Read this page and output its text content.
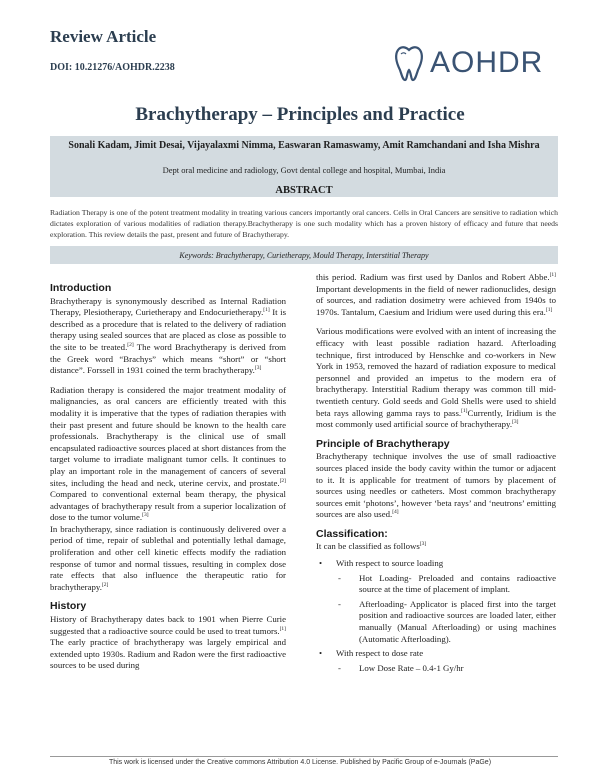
Review Article
DOI: 10.21276/AOHDR.2238	AOHDR
Brachytherapy – Principles and Practice
Sonali Kadam, Jimit Desai, Vijayalaxmi Nimma, Easwaran Ramaswamy, Amit Ramchandani and Isha Mishra
Dept oral medicine and radiology, Govt dental college and hospital, Mumbai, India
ABSTRACT
Radiation Therapy is one of the potent treatment modality in treating various cancers importantly oral cancers. Cells in Oral Cancers are sensitive to radiation which dictates exploration of various modalities of radiation therapy.Brachytherapy is one such modality which has a proven history of efficacy and future that needs exploration. This review details the past, present and future of Brachytherapy.
Keywords: Brachytherapy, Curietherapy, Mould Therapy, Interstitial Therapy
Introduction

Brachytherapy is synonymously described as Internal Radiation Therapy, Plesiotherapy, Curietherapy and Endocurietherapy.[1] It is described as a procedure that is related to the delivery of radiation therapy using sealed sources that are placed as close as possible to the site to be treated.[2] The word Brachytherapy is derived from the Greek word “Brachys” which means “short” or “short distance”. Forssell in 1931 coined the term brachytherapy.[3]

Radiation therapy is considered the major treatment modality of malignancies, as oral cancers are efficiently treated with this modality it is imperative that the types of radiation therapies with their past present and future should be known to the health care professionals. Brachytherapy is the clinical use of small encapsulated radioactive sources placed at short distances from the target volume to irradiate malignant tumor cells. It continues to play an important role in the management of cancers of several sites, including the head and neck, uterine cervix, and prostate.[2] Compared to conventional external beam therapy, the physical advantages of brachytherapy result from a superior localization of dose to the tumor volume.[3]

In brachytherapy, since radiation is continuously delivered over a period of time, repair of sublethal and potentially lethal damage, proliferation and other cell kinetic effects modify the radiation response of tumor and normal tissues, resulting in complex dose rate effects that also influence the therapeutic ratio for brachytherapy.[2]

History

History of Brachytherapy dates back to 1901 when Pierre Curie suggested that a radioactive source could be used to treat tumors.[1] The early practice of brachytherapy was largely empirical and extended upto 1930s. Radium and Radon were the first radioactive sources to be used during

this period. Radium was first used by Danlos and Robert Abbe.[1] Important developments in the field of newer radionuclides, design of sources, and radiation dosimetry were achieved from 1940s to 1970s. Tantalum, Caesium and Iridium were used during this era.[1]

Various modifications were evolved with an intent of increasing the efficacy with least possible radiation hazard. Afterloading technique, first introduced by Henschke and co-workers in New York in 1953, removed the hazard of radiation exposure to medical personnel and provided an impetus to the modern era of brachytherapy. Interstitial Radium therapy was common till mid-twentieth century. Gold seeds and Gold Shells were used to shield beta rays allowing gamma rays to pass.[1]Currently, Iridium is the most commonly used artificial source of brachytherapy.[3]

Principle of Brachytherapy

Brachytherapy technique involves the use of small radioactive sources placed inside the body cavity within the tumor or adjacent to it. It is applicable for treatment of tumors by placement of sources using needles or catheters. Most common brachytherapy sources emit ‘photons’, however ‘beta rays’ and ‘neutrons’ emitting sources are also used.[4]

Classification:

It can be classified as follows[3]

• With respect to source loading
- Hot Loading- Preloaded and contains radioactive source at the time of placement of implant.
- Afterloading- Applicator is placed first into the target position and radioactive sources are loaded later, either manually (Manual Afterloading) or using machines (Automatic Afterloading).
• With respect to dose rate
- Low Dose Rate – 0.4-1 Gy/hr
This work is licensed under the Creative commons Attribution 4.0 License. Published by Pacific Group of e-Journals (PaGe)
